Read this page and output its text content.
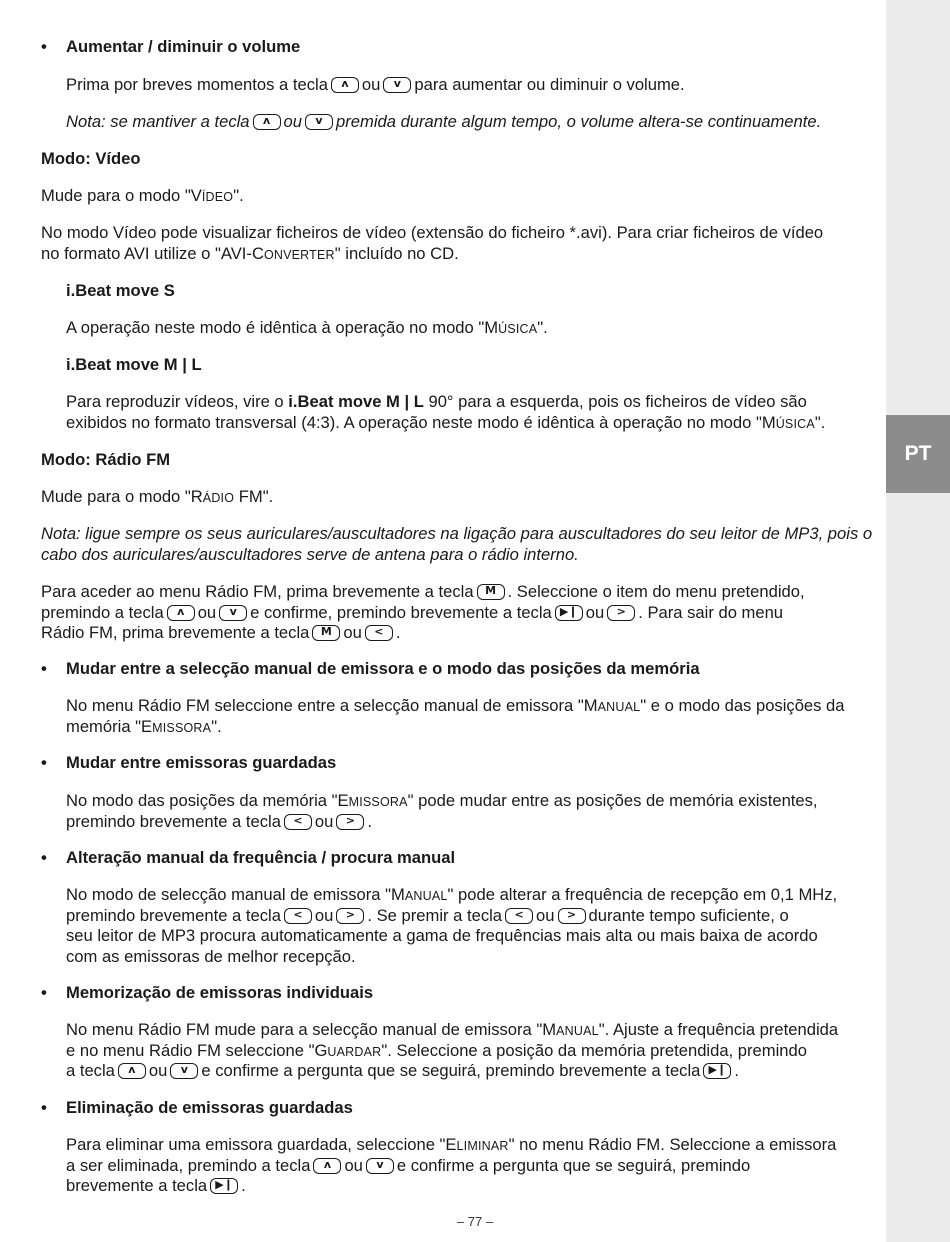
PT

• Aumentar / diminuir o volume

Prima por breves momentos a tecla	ʌ ou	v para aumentar ou diminuir o volume.

Nota: se mantiver a tecla	ʌ ou	v premida durante algum tempo, o volume altera-se continuamente.

Modo: Vídeo

Mude para o modo "VÍDEO".

No modo Vídeo pode visualizar ficheiros de vídeo (extensão do ficheiro *.avi). Para criar ficheiros de vídeo

no formato AVI utilize o "AVI-CONVERTER" incluído no CD.

i.Beat move S

A operação neste modo é idêntica à operação no modo "MÚSICA".

i.Beat move M | L

Para reproduzir vídeos, vire o i.Beat move M | L 90° para a esquerda, pois os ficheiros de vídeo são

exibidos no formato transversal (4:3). A operação neste modo é idêntica à operação no modo "MÚSICA".

Modo: Rádio FM

Mude para o modo "RÁDIO FM".

Nota: ligue sempre os seus auriculares/auscultadores na ligação para auscultadores do seu leitor de MP3, pois o

cabo dos auriculares/auscultadores serve de antena para o rádio interno.

Para aceder ao menu Rádio FM, prima brevemente a tecla	M . Seleccione o item do menu pretendido,

premindo a tecla	ʌ ou	v e confirme, premindo brevemente a tecla ▶❙ ou	> . Para sair do menu

Rádio FM, prima brevemente a tecla	M ou	< .

• Mudar entre a selecção manual de emissora e o modo das posições da memória

No menu Rádio FM seleccione entre a selecção manual de emissora "MANUAL" e o modo das posições da

memória "EMISSORA".

• Mudar entre emissoras guardadas

No modo das posições da memória "EMISSORA" pode mudar entre as posições de memória existentes,

premindo brevemente a tecla	< ou	> .

• Alteração manual da frequência / procura manual

No modo de selecção manual de emissora "MANUAL" pode alterar a frequência de recepção em 0,1 MHz,

premindo brevemente a tecla	< ou	> . Se premir a tecla	< ou	> durante tempo suficiente, o

seu leitor de MP3 procura automaticamente a gama de frequências mais alta ou mais baixa de acordo

com as emissoras de melhor recepção.

• Memorização de emissoras individuais

No menu Rádio FM mude para a selecção manual de emissora "MANUAL". Ajuste a frequência pretendida

e no menu Rádio FM seleccione "GUARDAR". Seleccione a posição da memória pretendida, premindo

a tecla	ʌ ou	v e confirme a pergunta que se seguirá, premindo brevemente a tecla ▶❙ .

• Eliminação de emissoras guardadas

Para eliminar uma emissora guardada, seleccione "ELIMINAR" no menu Rádio FM. Seleccione a emissora

a ser eliminada, premindo a tecla	ʌ ou	v e confirme a pergunta que se seguirá, premindo

brevemente a tecla ▶❙ .

– 77 –
